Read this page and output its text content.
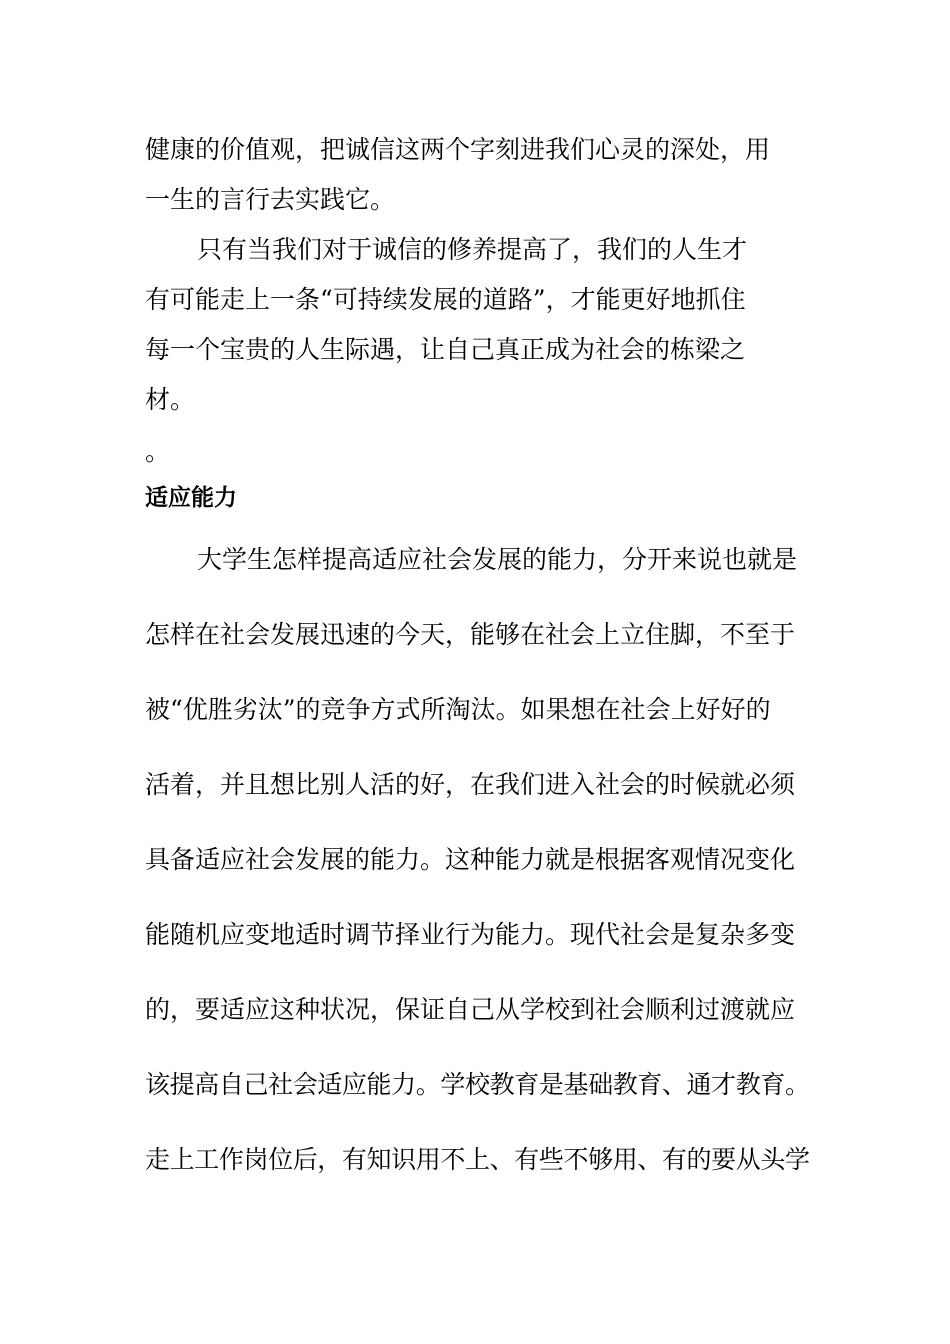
健康的价值观，把诚信这两个字刻进我们心灵的深处，用
一生的言行去实践它。
只有当我们对于诚信的修养提高了，我们的人生才
有可能走上一条“可持续发展的道路”，才能更好地抓住
每一个宝贵的人生际遇，让自己真正成为社会的栋梁之
材。
。
适应能力
大学生怎样提高适应社会发展的能力，分开来说也就是
怎样在社会发展迅速的今天，能够在社会上立住脚，不至于
被“优胜劣汰”的竞争方式所淘汰。如果想在社会上好好的
活着，并且想比别人活的好，在我们进入社会的时候就必须
具备适应社会发展的能力。这种能力就是根据客观情况变化
能随机应变地适时调节择业行为能力。现代社会是复杂多变
的，要适应这种状况，保证自己从学校到社会顺利过渡就应
该提高自己社会适应能力。学校教育是基础教育、通才教育。
走上工作岗位后，有知识用不上、有些不够用、有的要从头学
